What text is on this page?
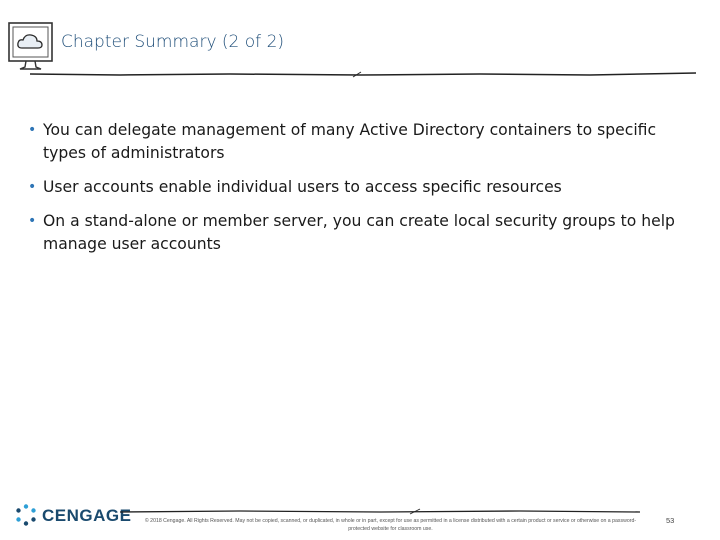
Chapter Summary (2 of 2)
• You can delegate management of many Active Directory containers to specific types of administrators
• User accounts enable individual users to access specific resources
• On a stand-alone or member server, you can create local security groups to help manage user accounts
CENGAGE	© 2018 Cengage. All Rights Reserved. May not be copied, scanned, or duplicated, in whole or in part, except for use as permitted in a license distributed with a certain product or service or otherwise on a password-protected website for classroom use.
53
